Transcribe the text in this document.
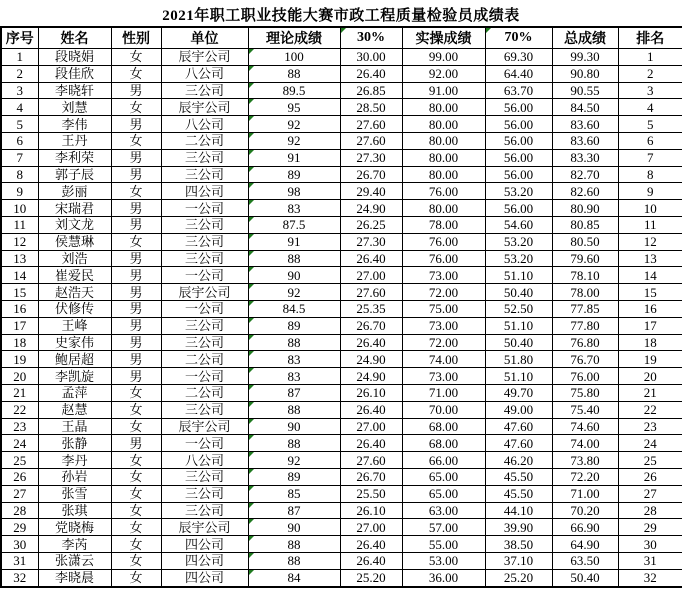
2021年职工职业技能大赛市政工程质量检验员成绩表
序号	姓名	性别	单位	理论成绩	30%	实操成绩	70%	总成绩	排名
1	段晓娟	女	辰宇公司	100	30.00	99.00	69.30	99.30	1
2	段佳欣	女	八公司	88	26.40	92.00	64.40	90.80	2
3	李晓轩	男	三公司	89.5	26.85	91.00	63.70	90.55	3
4	刘慧	女	辰宇公司	95	28.50	80.00	56.00	84.50	4
5	李伟	男	八公司	92	27.60	80.00	56.00	83.60	5
6	王丹	女	二公司	92	27.60	80.00	56.00	83.60	6
7	李利荣	男	三公司	91	27.30	80.00	56.00	83.30	7
8	郭子辰	男	三公司	89	26.70	80.00	56.00	82.70	8
9	彭丽	女	四公司	98	29.40	76.00	53.20	82.60	9
10	宋瑞君	男	一公司	83	24.90	80.00	56.00	80.90	10
11	刘文龙	男	三公司	87.5	26.25	78.00	54.60	80.85	11
12	侯慧琳	女	三公司	91	27.30	76.00	53.20	80.50	12
13	刘浩	男	三公司	88	26.40	76.00	53.20	79.60	13
14	崔爱民	男	一公司	90	27.00	73.00	51.10	78.10	14
15	赵浩天	男	辰宇公司	92	27.60	72.00	50.40	78.00	15
16	伏修传	男	一公司	84.5	25.35	75.00	52.50	77.85	16
17	王峰	男	三公司	89	26.70	73.00	51.10	77.80	17
18	史家伟	男	三公司	88	26.40	72.00	50.40	76.80	18
19	鲍居超	男	二公司	83	24.90	74.00	51.80	76.70	19
20	李凯旋	男	一公司	83	24.90	73.00	51.10	76.00	20
21	孟萍	女	二公司	87	26.10	71.00	49.70	75.80	21
22	赵慧	女	三公司	88	26.40	70.00	49.00	75.40	22
23	王晶	女	辰宇公司	90	27.00	68.00	47.60	74.60	23
24	张静	男	一公司	88	26.40	68.00	47.60	74.00	24
25	李丹	女	八公司	92	27.60	66.00	46.20	73.80	25
26	孙岩	女	三公司	89	26.70	65.00	45.50	72.20	26
27	张雪	女	三公司	85	25.50	65.00	45.50	71.00	27
28	张琪	女	三公司	87	26.10	63.00	44.10	70.20	28
29	党晓梅	女	辰宇公司	90	27.00	57.00	39.90	66.90	29
30	李芮	女	四公司	88	26.40	55.00	38.50	64.90	30
31	张潇云	女	四公司	88	26.40	53.00	37.10	63.50	31
32	李晓晨	女	四公司	84	25.20	36.00	25.20	50.40	32
